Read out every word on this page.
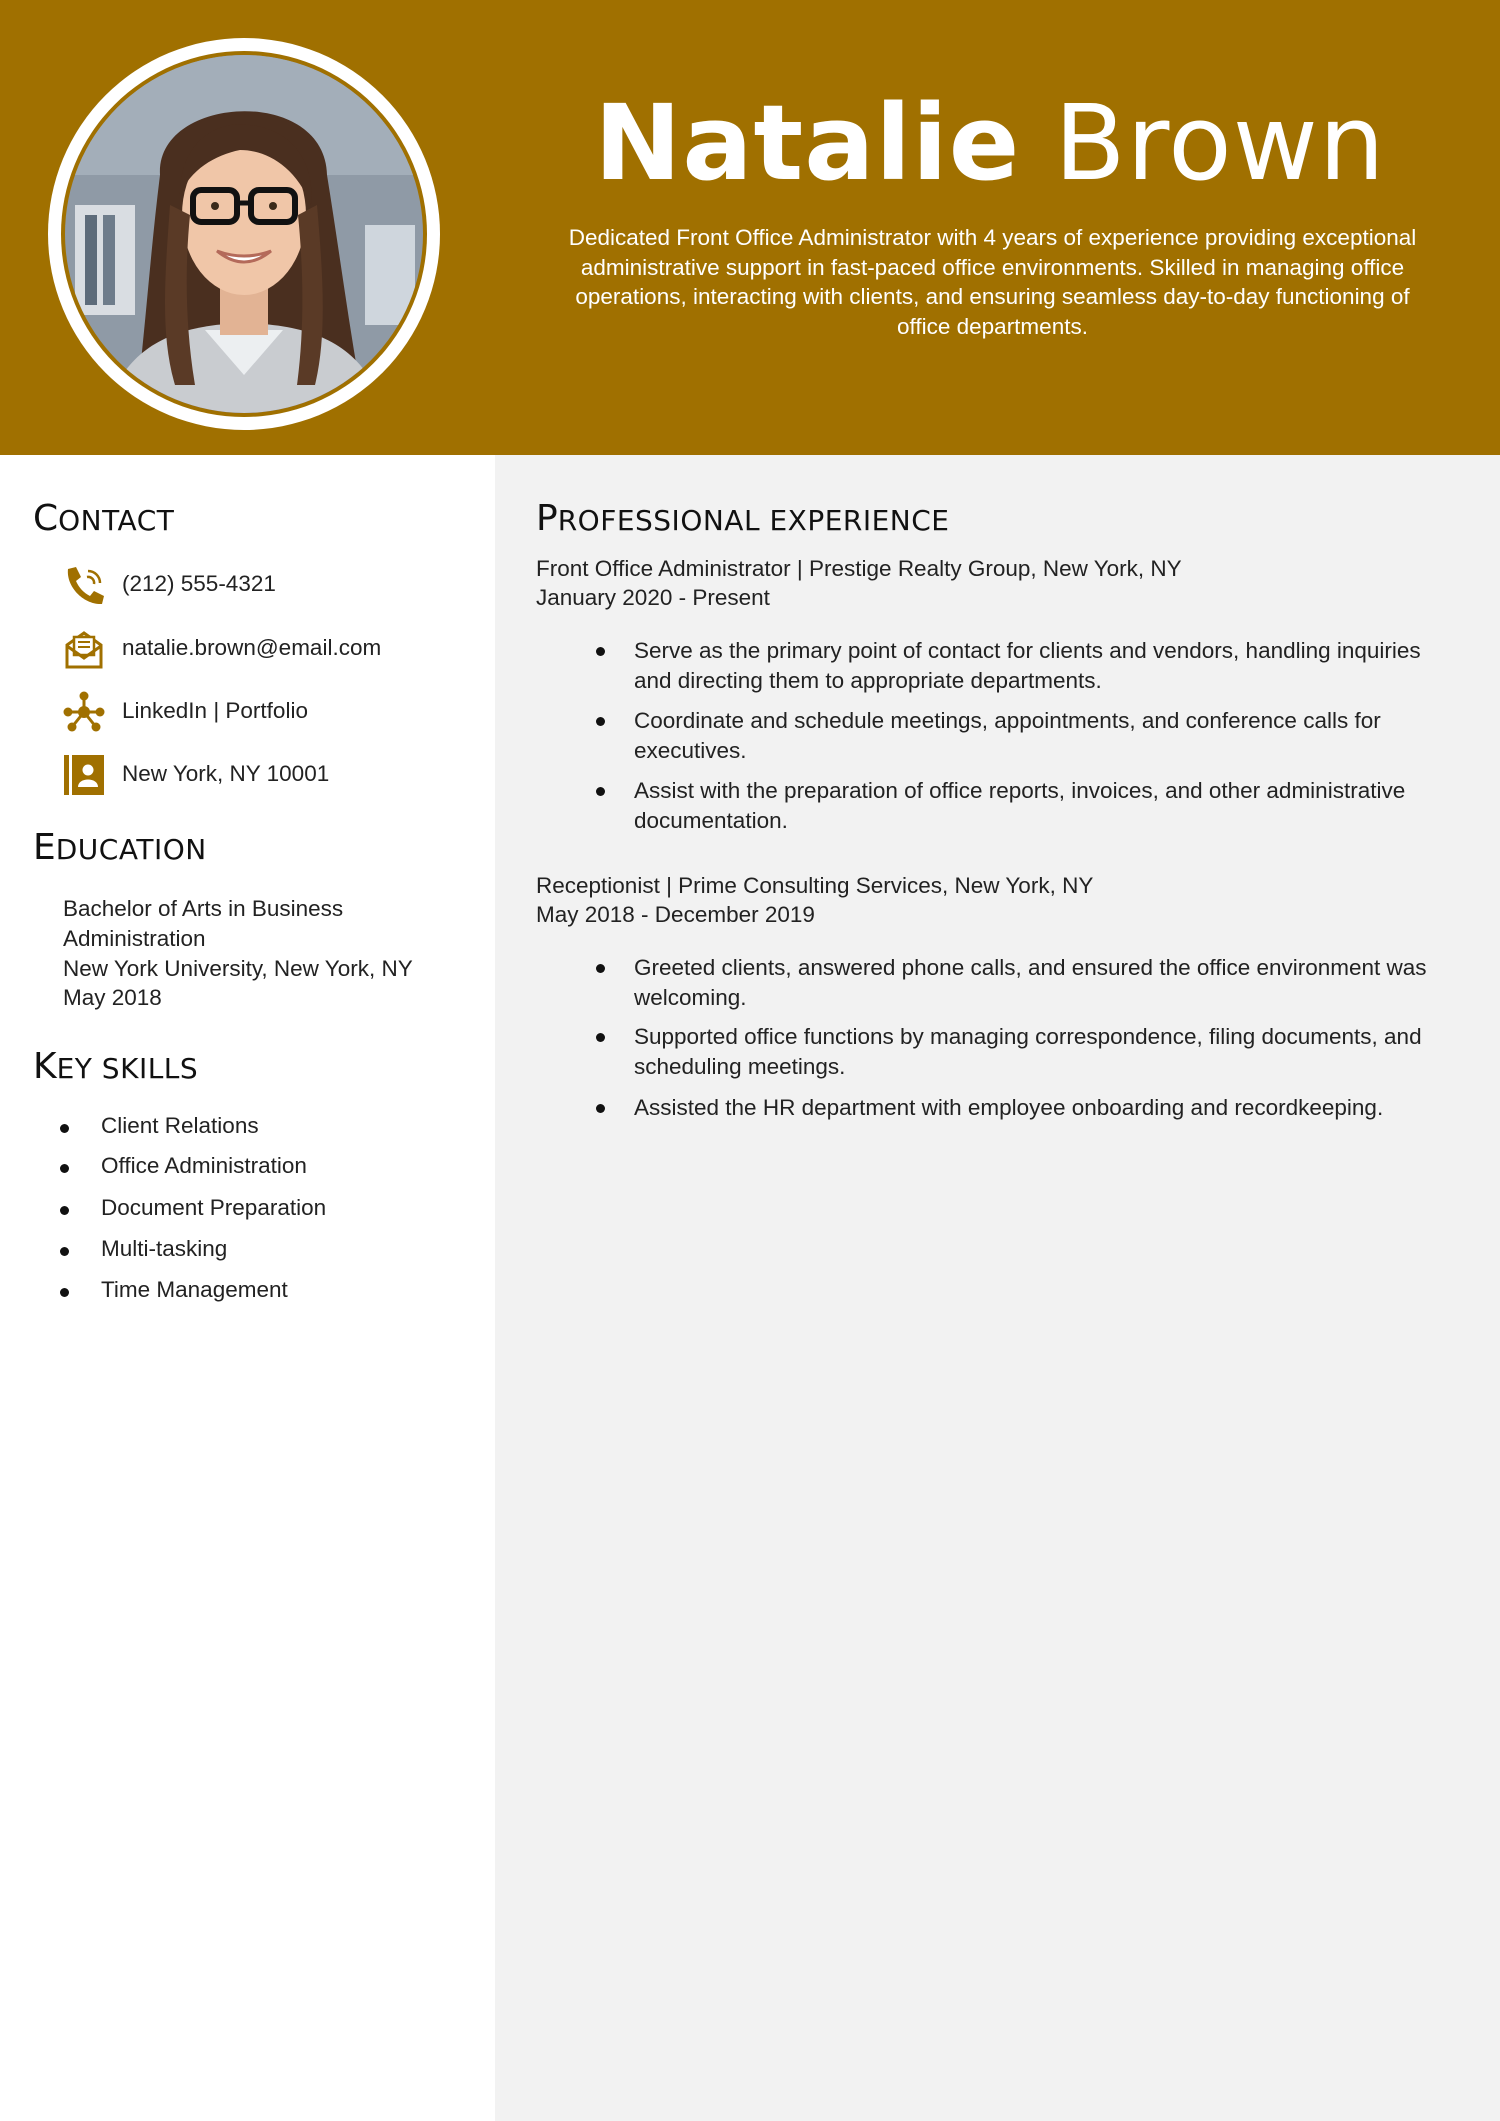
Natalie Brown
Dedicated Front Office Administrator with 4 years of experience providing exceptional administrative support in fast-paced office environments. Skilled in managing office operations, interacting with clients, and ensuring seamless day-to-day functioning of office departments.
CONTACT
(212) 555-4321
natalie.brown@email.com
LinkedIn | Portfolio
New York, NY 10001
EDUCATION
Bachelor of Arts in Business
Administration
New York University, New York, NY
May 2018
KEY SKILLS
Client Relations
Office Administration
Document Preparation
Multi-tasking
Time Management
PROFESSIONAL EXPERIENCE
Front Office Administrator | Prestige Realty Group, New York, NY
January 2020 - Present
Serve as the primary point of contact for clients and vendors, handling inquiries and directing them to appropriate departments.
Coordinate and schedule meetings, appointments, and conference calls for executives.
Assist with the preparation of office reports, invoices, and other administrative documentation.
Receptionist | Prime Consulting Services, New York, NY
May 2018 - December 2019
Greeted clients, answered phone calls, and ensured the office environment was welcoming.
Supported office functions by managing correspondence, filing documents, and scheduling meetings.
Assisted the HR department with employee onboarding and recordkeeping.
